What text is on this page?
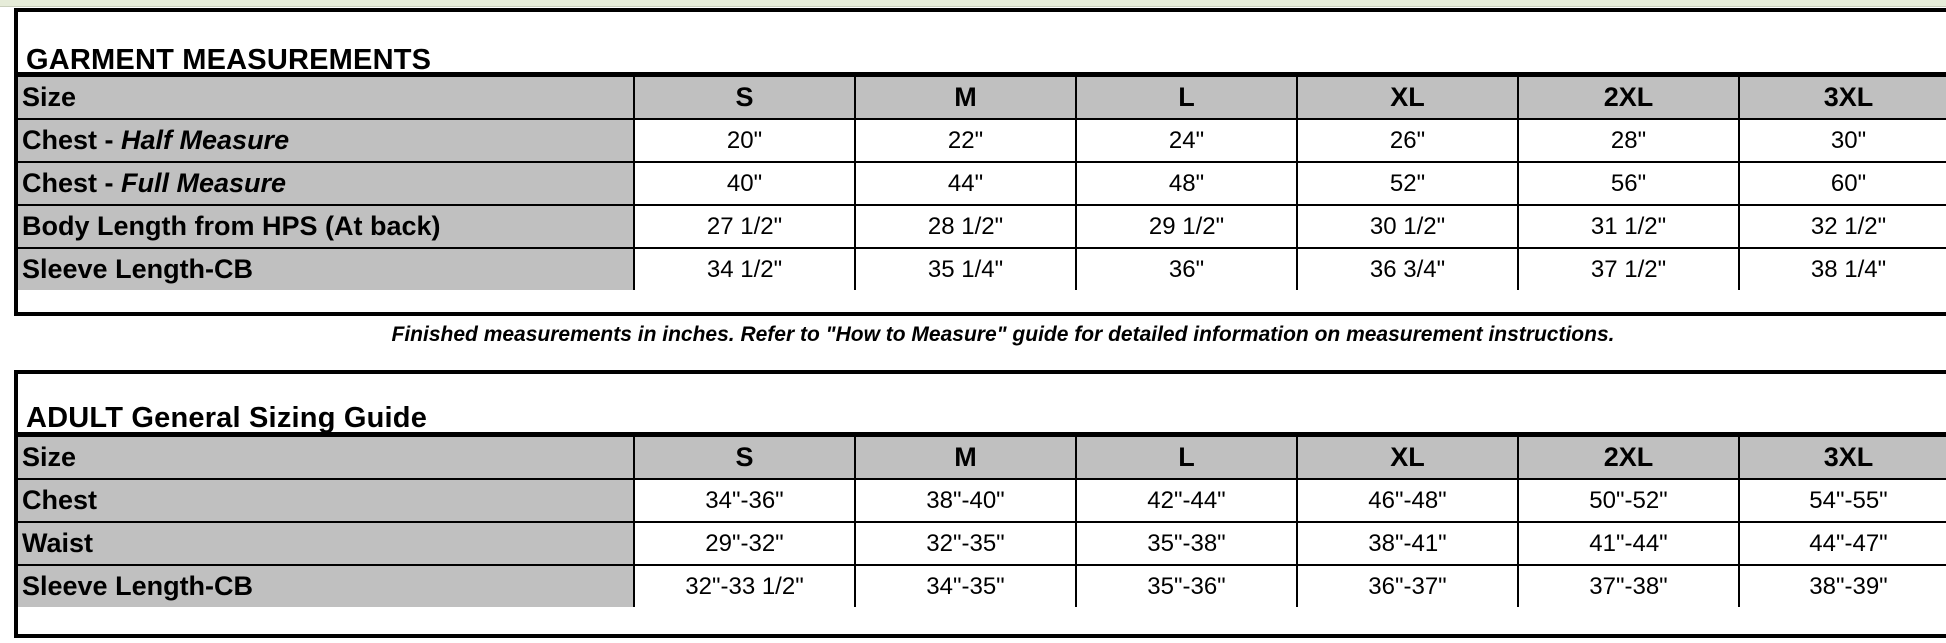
GARMENT MEASUREMENTS
Size	S	M	L	XL	2XL	3XL
Chest - Half Measure	20"	22"	24"	26"	28"	30"
Chest - Full Measure	40"	44"	48"	52"	56"	60"
Body Length from HPS (At back)	27 1/2"	28 1/2"	29 1/2"	30 1/2"	31 1/2"	32 1/2"
Sleeve Length-CB	34 1/2"	35 1/4"	36"	36 3/4"	37 1/2"	38 1/4"
Finished measurements in inches. Refer to "How to Measure" guide for detailed information on measurement instructions.
ADULT General Sizing Guide
Size	S	M	L	XL	2XL	3XL
Chest	34"-36"	38"-40"	42"-44"	46"-48"	50"-52"	54"-55"
Waist	29"-32"	32"-35"	35"-38"	38"-41"	41"-44"	44"-47"
Sleeve Length-CB	32"-33 1/2"	34"-35"	35"-36"	36"-37"	37"-38"	38"-39"
